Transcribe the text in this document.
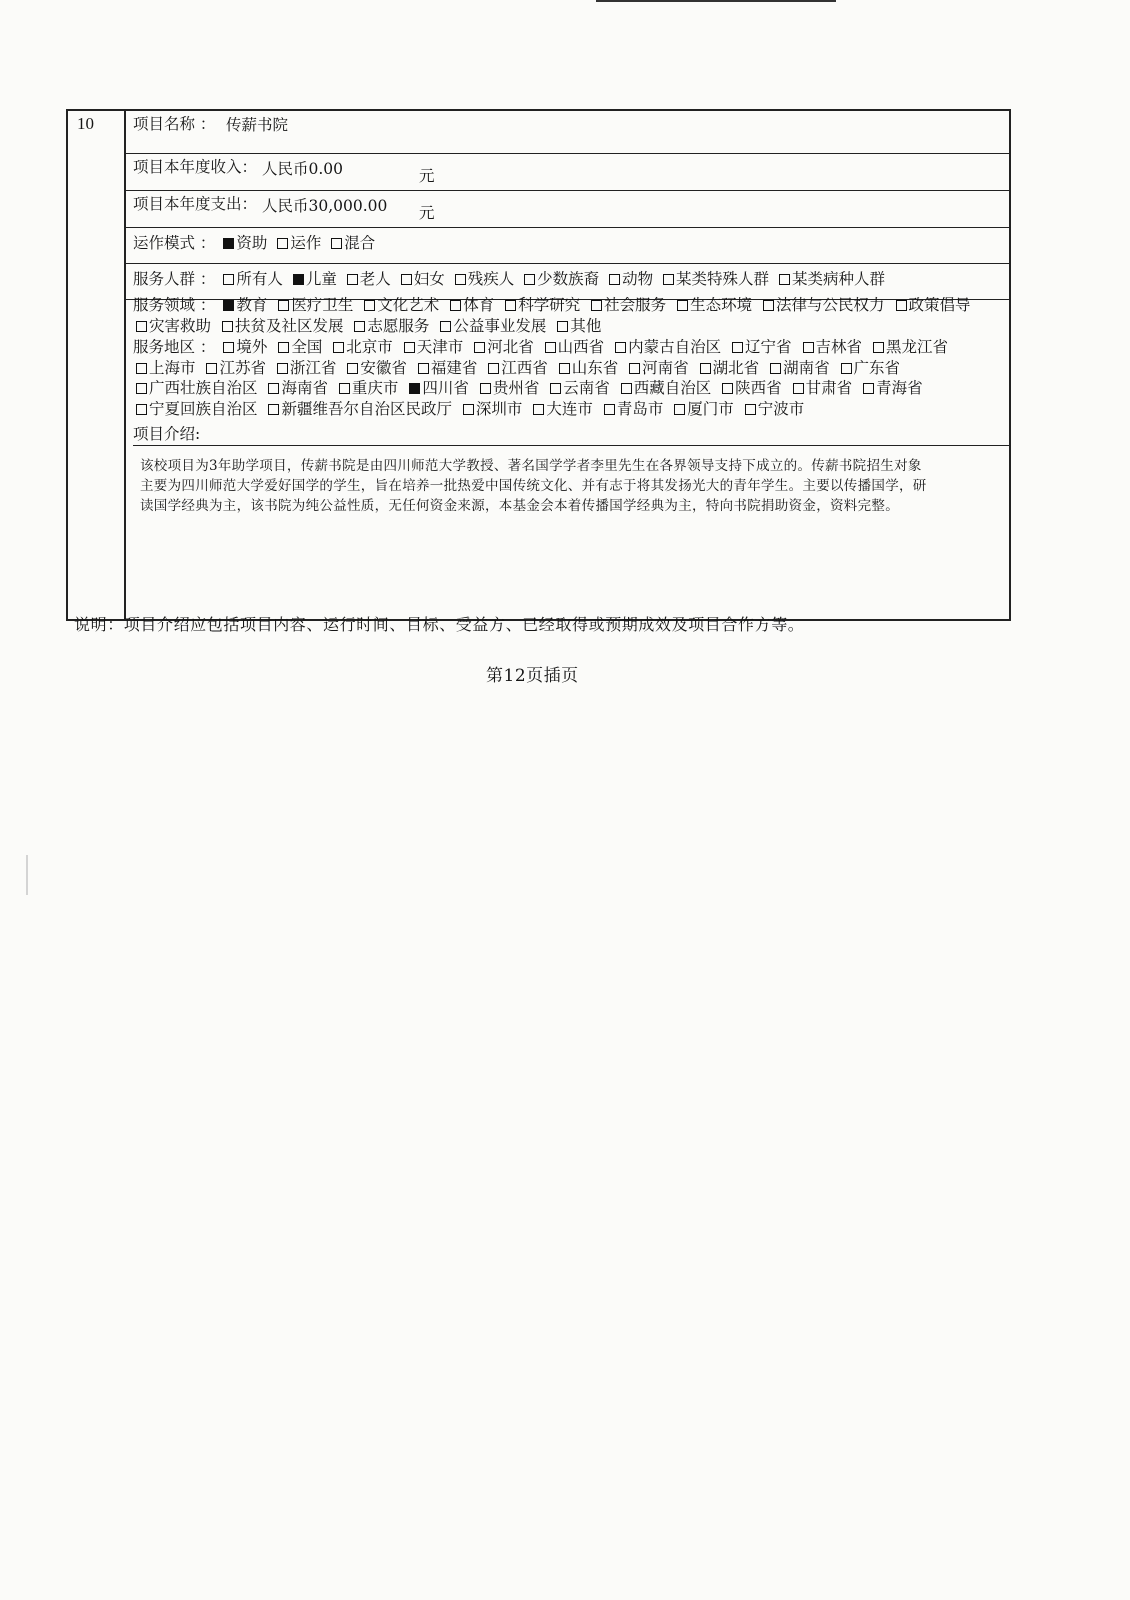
10	项目名称 ： 传薪书院
项目本年度收入： 人民币0.00	元
项目本年度支出： 人民币30,000.00 元
运作模式 ： 资助 运作 混合
服务人群 ： 所有人 儿童 老人 妇女 残疾人 少数族裔 动物 某类特殊人群 某类病种人群
服务领域 ： 教育 医疗卫生 文化艺术 体育 科学研究 社会服务 生态环境 法律与公民权力 政策倡导 灾害救助 扶贫及社区发展 志愿服务 公益事业发展 其他
服务地区 ： 境外 全国 北京市 天津市 河北省 山西省 内蒙古自治区 辽宁省 吉林省 黑龙江省 上海市 江苏省 浙江省 安徽省 福建省 江西省 山东省 河南省 湖北省 湖南省 广东省 广西壮族自治区 海南省 重庆市 四川省 贵州省 云南省 西藏自治区 陕西省 甘肃省 青海省 宁夏回族自治区 新疆维吾尔自治区民政厅 深圳市 大连市 青岛市 厦门市 宁波市
项目介绍:
该校项目为3年助学项目，传薪书院是由四川师范大学教授、著名国学学者李里先生在各界领导支持下成立的。传薪书院招生对象主要为四川师范大学爱好国学的学生，旨在培养一批热爱中国传统文化、并有志于将其发扬光大的青年学生。主要以传播国学，研读国学经典为主，该书院为纯公益性质，无任何资金来源，本基金会本着传播国学经典为主，特向书院捐助资金，资料完整。
说明：项目介绍应包括项目内容、运行时间、目标、受益方、已经取得或预期成效及项目合作方等。
第12页插页
